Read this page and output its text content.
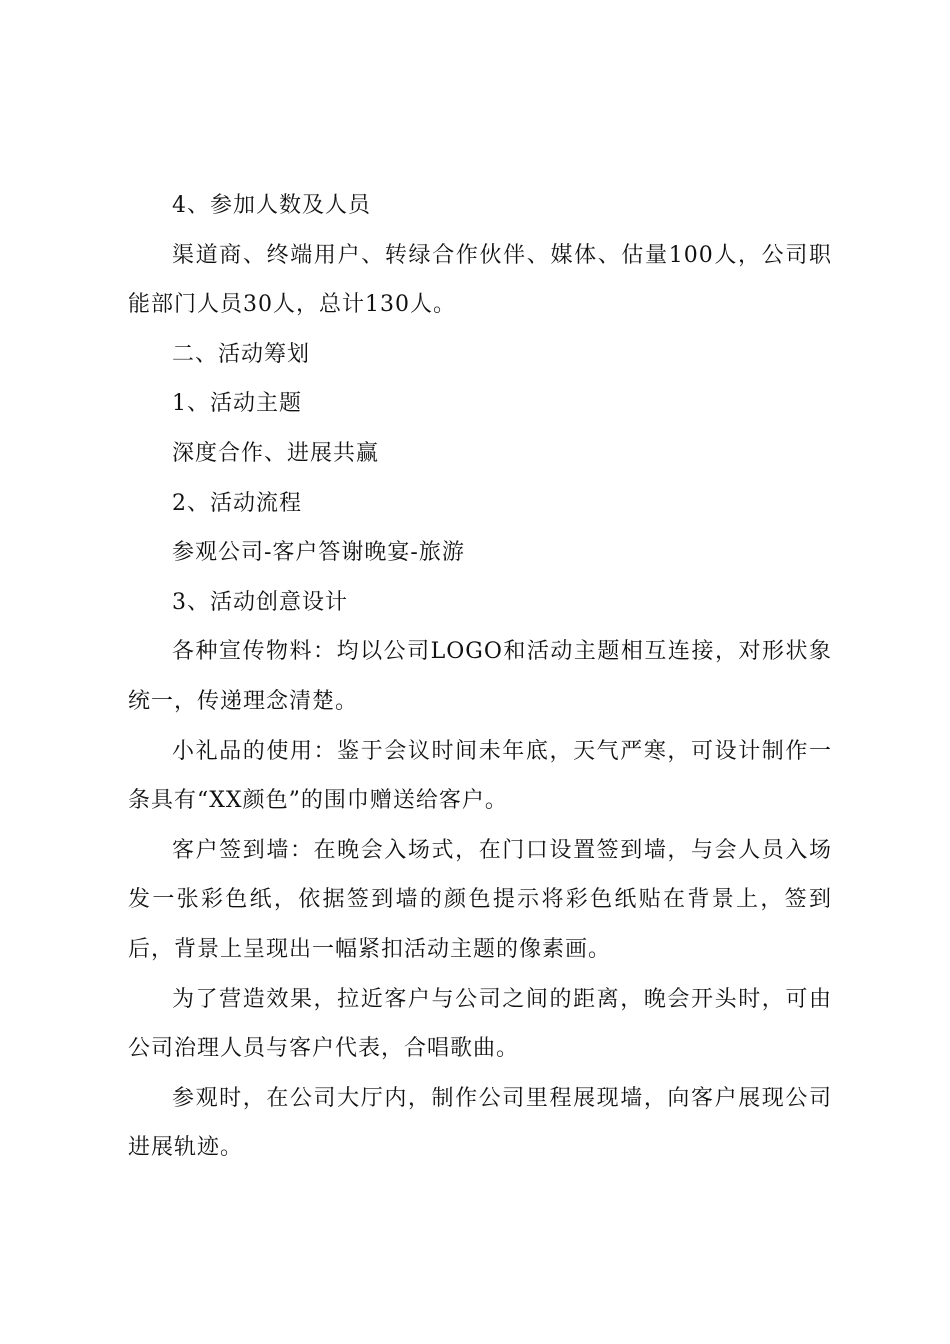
4、参加人数及人员

渠道商、终端用户、转绿合作伙伴、媒体、估量100人，公司职能部门人员30人，总计130人。

二、活动筹划

1、活动主题

深度合作、进展共赢

2、活动流程

参观公司-客户答谢晚宴-旅游

3、活动创意设计

各种宣传物料：均以公司LOGO和活动主题相互连接，对形状象统一，传递理念清楚。

小礼品的使用：鉴于会议时间未年底，天气严寒，可设计制作一条具有“XX颜色”的围巾赠送给客户。

客户签到墙：在晚会入场式，在门口设置签到墙，与会人员入场发一张彩色纸，依据签到墙的颜色提示将彩色纸贴在背景上，签到后，背景上呈现出一幅紧扣活动主题的像素画。

为了营造效果，拉近客户与公司之间的距离，晚会开头时，可由公司治理人员与客户代表，合唱歌曲。

参观时，在公司大厅内，制作公司里程展现墙，向客户展现公司进展轨迹。
